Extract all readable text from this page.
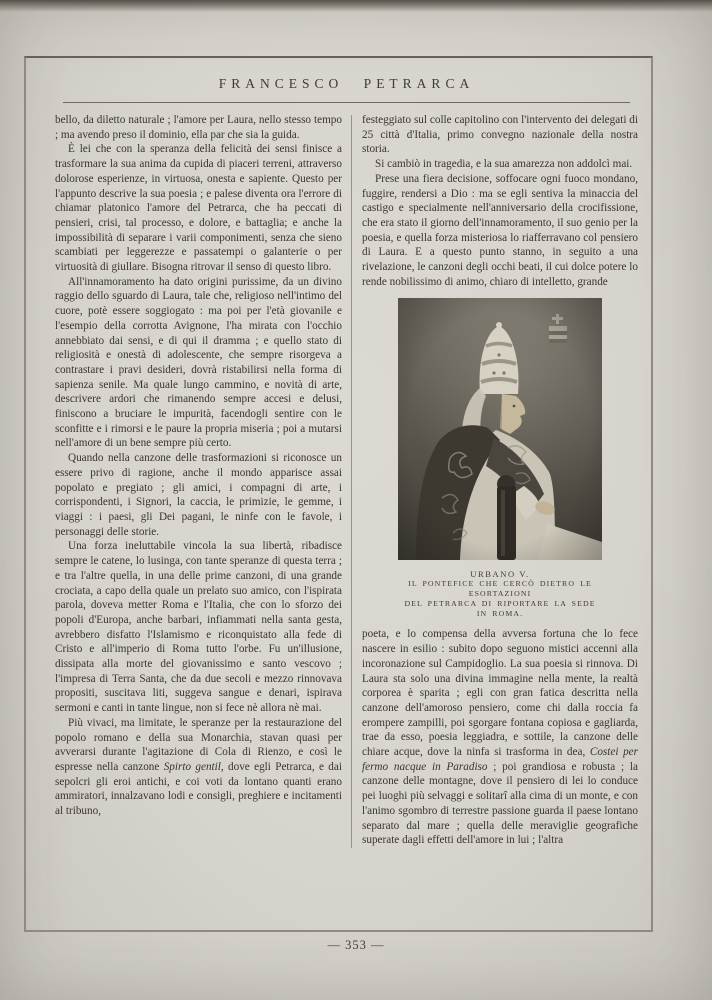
FRANCESCO PETRARCA

bello, da diletto naturale ; l'amore per Laura, nello stesso tempo ; ma avendo preso il dominio, ella par che sia la guida.

È lei che con la speranza della felicità dei sensi finisce a trasformare la sua anima da cupida di piaceri terreni, attraverso dolorose esperienze, in virtuosa, onesta e sapiente. Questo per l'appunto descrive la sua poesia ; e palese diventa ora l'errore di chiamar platonico l'amore del Petrarca, che ha peccati di pensieri, crisi, tal processo, e dolore, e battaglia; e anche la impossibilità di separare i varii componimenti, senza che sieno scambiati per leggerezze e passatempi o galanterie o per virtuosità di giullare. Bisogna ritrovar il senso di questo libro.

All'innamoramento ha dato origini purissime, da un divino raggio dello sguardo di Laura, tale che, religioso nell'intimo del cuore, potè essere soggiogato : ma poi per l'età giovanile e l'esempio della corrotta Avignone, l'ha mirata con l'occhio annebbiato dai sensi, e di qui il dramma ; e quello stato di religiosità e onestà di adolescente, che sempre risorgeva a contrastare i pravi desideri, dovrà ristabilirsi nella forma di sapienza senile. Ma quale lungo cammino, e novità di arte, descrivere ardori che rimanendo sempre accesi e delusi, finiscono a bruciare le impurità, facendogli sentire con le sconfitte e i rimorsi e le paure la propria miseria ; poi a mutarsi nell'amore di un bene sempre più certo.

Quando nella canzone delle trasformazioni si riconosce un essere privo di ragione, anche il mondo apparisce assai popolato e pregiato ; gli amici, i compagni di arte, i corrispondenti, i Signori, la caccia, le primizie, le gemme, i viaggi : i paesi, gli Dei pagani, le ninfe con le favole, i personaggi delle storie.

Una forza ineluttabile vincola la sua libertà, ribadisce sempre le catene, lo lusinga, con tante speranze di questa terra ; e tra l'altre quella, in una delle prime canzoni, di una grande crociata, a capo della quale un prelato suo amico, con l'ispirata parola, doveva metter Roma e l'Italia, che con lo sforzo dei popoli d'Europa, anche barbari, infiammati nella santa gesta, avrebbero disfatto l'Islamismo e riconquistato alla fede di Cristo e all'imperio di Roma tutto l'orbe. Fu un'illusione, dissipata alla morte del giovanissimo e santo vescovo ; l'impresa di Terra Santa, che da due secoli e mezzo rinnovava propositi, suscitava liti, suggeva sangue e denari, ispirava sermoni e canti in tante lingue, non si fece nè allora nè mai.

Più vivaci, ma limitate, le speranze per la restaurazione del popolo romano e della sua Monarchia, stavan quasi per avverarsi durante l'agitazione di Cola di Rienzo, e così le espresse nella canzone Spirto gentil, dove egli Petrarca, e dai sepolcri gli eroi antichi, e coi voti da lontano quanti erano ammiratori, innalzavano lodi e consigli, preghiere e incitamenti al tribuno,

festeggiato sul colle capitolino con l'intervento dei delegati di 25 città d'Italia, primo convegno nazionale della nostra storia.

Si cambiò in tragedia, e la sua amarezza non addolcì mai.

Prese una fiera decisione, soffocare ogni fuoco mondano, fuggire, rendersi a Dio : ma se egli sentiva la minaccia del castigo e specialmente nell'anniversario della crocifissione, che era stato il giorno dell'innamoramento, il suo genio per la poesia, e quella forza misteriosa lo riafferravano col pensiero di Laura. E a questo punto stanno, in seguito a una rivelazione, le canzoni degli occhi beati, il cui dolce potere lo rende nobilissimo di animo, chiaro di intelletto, grande

URBANO V.
IL PONTEFICE CHE CERCÒ DIETRO LE ESORTAZIONI
DEL PETRARCA DI RIPORTARE LA SEDE IN ROMA.

poeta, e lo compensa della avversa fortuna che lo fece nascere in esilio : subito dopo seguono mistici accenni alla incoronazione sul Campidoglio. La sua poesia si rinnova. Di Laura sta solo una divina immagine nella mente, la realtà corporea è sparita ; egli con gran fatica descritta nella canzone dell'amoroso pensiero, come chi dalla roccia fa erompere zampilli, poi sgorgare fontana copiosa e gagliarda, trae da esso, poesia leggiadra, e sottile, la canzone delle chiare acque, dove la ninfa si trasforma in dea, Costei per fermo nacque in Paradiso ; poi grandiosa e robusta ; la canzone delle montagne, dove il pensiero di lei lo conduce pei luoghi più selvaggi e solitarî alla cima di un monte, e con l'animo sgombro di terrestre passione guarda il paese lontano separato dal mare ; quella delle meraviglie geografiche superate dagli effetti dell'amore in lui ; l'altra

— 353 —
